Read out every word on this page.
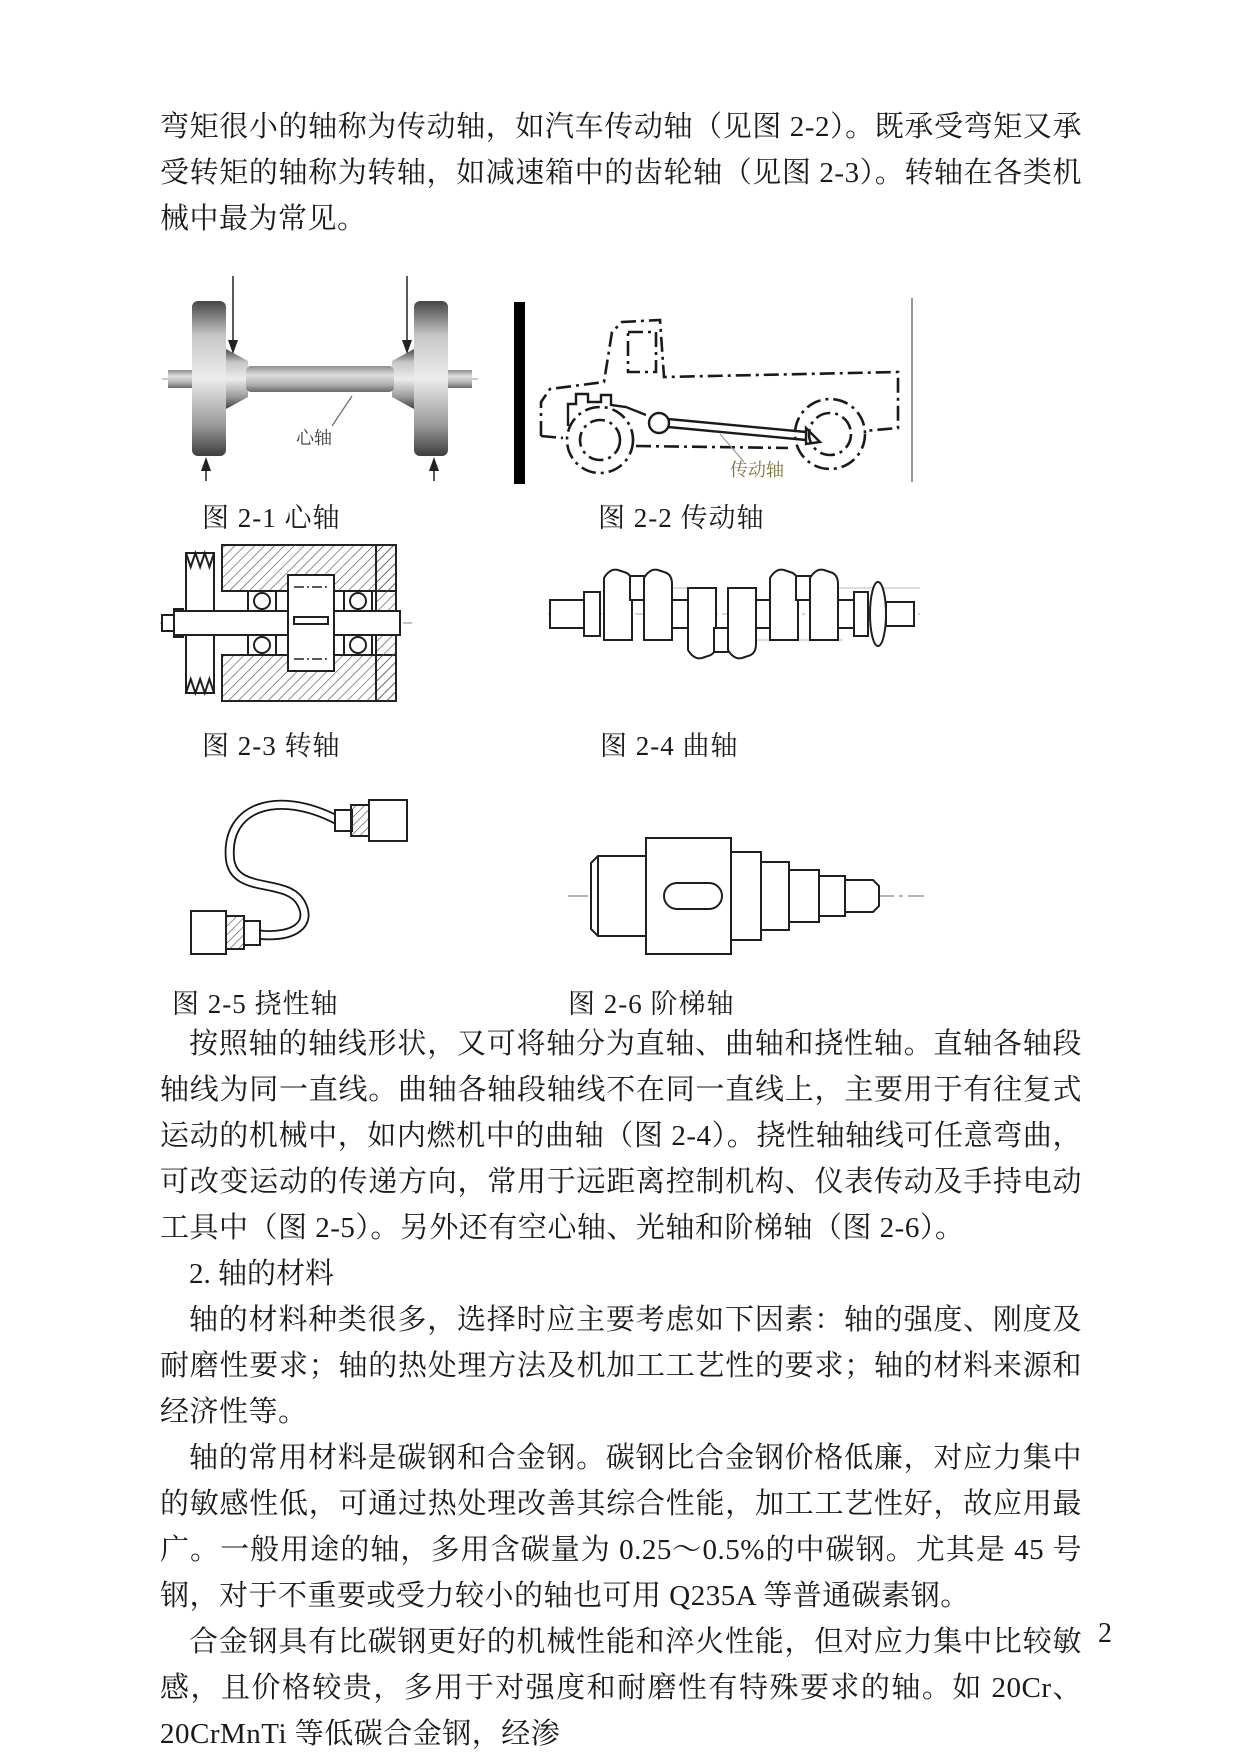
弯矩很小的轴称为传动轴，如汽车传动轴（见图 2-2）。既承受弯矩又承受转矩的轴称为转轴，如减速箱中的齿轮轴（见图 2-3）。转轴在各类机械中最为常见。

心轴
传动轴
图 2-1 心轴	图 2-2 传动轴
图 2-3 转轴	图 2-4 曲轴
图 2-5 挠性轴	图 2-6 阶梯轴

按照轴的轴线形状，又可将轴分为直轴、曲轴和挠性轴。直轴各轴段轴线为同一直线。曲轴各轴段轴线不在同一直线上，主要用于有往复式运动的机械中，如内燃机中的曲轴（图 2-4）。挠性轴轴线可任意弯曲，可改变运动的传递方向，常用于远距离控制机构、仪表传动及手持电动工具中（图 2-5）。另外还有空心轴、光轴和阶梯轴（图 2-6）。

2. 轴的材料

轴的材料种类很多，选择时应主要考虑如下因素：轴的强度、刚度及耐磨性要求；轴的热处理方法及机加工工艺性的要求；轴的材料来源和经济性等。

轴的常用材料是碳钢和合金钢。碳钢比合金钢价格低廉，对应力集中的敏感性低，可通过热处理改善其综合性能，加工工艺性好，故应用最广。一般用途的轴，多用含碳量为 0.25～0.5%的中碳钢。尤其是 45 号钢，对于不重要或受力较小的轴也可用 Q235A 等普通碳素钢。

合金钢具有比碳钢更好的机械性能和淬火性能，但对应力集中比较敏感，且价格较贵，多用于对强度和耐磨性有特殊要求的轴。如 20Cr、20CrMnTi 等低碳合金钢，经渗

2
